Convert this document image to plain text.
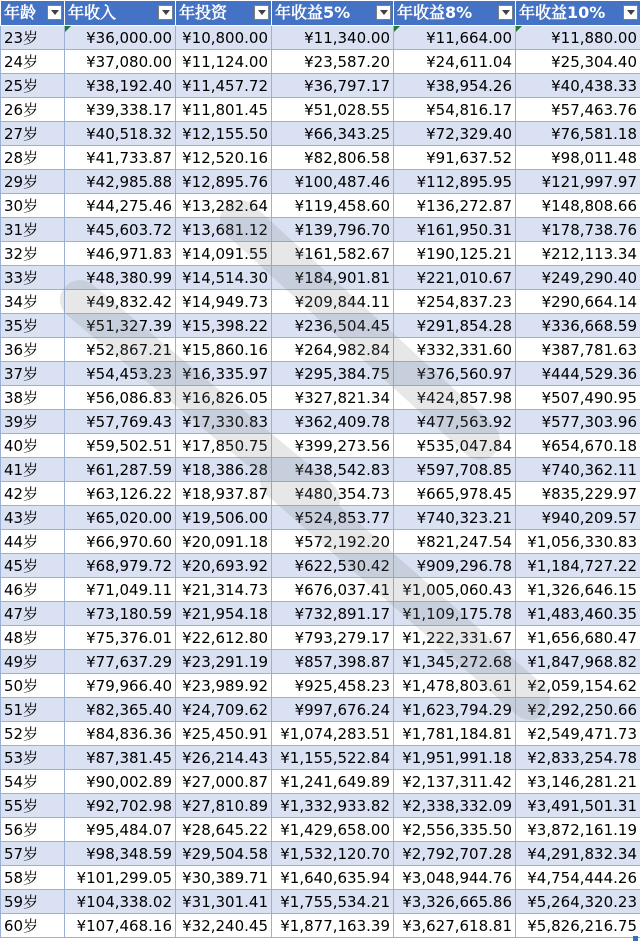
年龄	年收入	年投资	年收益5%	年收益8%	年收益10%

23岁	¥36,000.00	¥10,800.00	¥11,340.00	¥11,664.00	¥11,880.00
24岁	¥37,080.00	¥11,124.00	¥23,587.20	¥24,611.04	¥25,304.40
25岁	¥38,192.40	¥11,457.72	¥36,797.17	¥38,954.26	¥40,438.33
26岁	¥39,338.17	¥11,801.45	¥51,028.55	¥54,816.17	¥57,463.76
27岁	¥40,518.32	¥12,155.50	¥66,343.25	¥72,329.40	¥76,581.18
28岁	¥41,733.87	¥12,520.16	¥82,806.58	¥91,637.52	¥98,011.48
29岁	¥42,985.88	¥12,895.76	¥100,487.46	¥112,895.95	¥121,997.97
30岁	¥44,275.46	¥13,282.64	¥119,458.60	¥136,272.87	¥148,808.66
31岁	¥45,603.72	¥13,681.12	¥139,796.70	¥161,950.31	¥178,738.76
32岁	¥46,971.83	¥14,091.55	¥161,582.67	¥190,125.21	¥212,113.34
33岁	¥48,380.99	¥14,514.30	¥184,901.81	¥221,010.67	¥249,290.40
34岁	¥49,832.42	¥14,949.73	¥209,844.11	¥254,837.23	¥290,664.14
35岁	¥51,327.39	¥15,398.22	¥236,504.45	¥291,854.28	¥336,668.59
36岁	¥52,867.21	¥15,860.16	¥264,982.84	¥332,331.60	¥387,781.63
37岁	¥54,453.23	¥16,335.97	¥295,384.75	¥376,560.97	¥444,529.36
38岁	¥56,086.83	¥16,826.05	¥327,821.34	¥424,857.98	¥507,490.95
39岁	¥57,769.43	¥17,330.83	¥362,409.78	¥477,563.92	¥577,303.96
40岁	¥59,502.51	¥17,850.75	¥399,273.56	¥535,047.84	¥654,670.18
41岁	¥61,287.59	¥18,386.28	¥438,542.83	¥597,708.85	¥740,362.11
42岁	¥63,126.22	¥18,937.87	¥480,354.73	¥665,978.45	¥835,229.97
43岁	¥65,020.00	¥19,506.00	¥524,853.77	¥740,323.21	¥940,209.57
44岁	¥66,970.60	¥20,091.18	¥572,192.20	¥821,247.54	¥1,056,330.83
45岁	¥68,979.72	¥20,693.92	¥622,530.42	¥909,296.78	¥1,184,727.22
46岁	¥71,049.11	¥21,314.73	¥676,037.41	¥1,005,060.43	¥1,326,646.15
47岁	¥73,180.59	¥21,954.18	¥732,891.17	¥1,109,175.78	¥1,483,460.35
48岁	¥75,376.01	¥22,612.80	¥793,279.17	¥1,222,331.67	¥1,656,680.47
49岁	¥77,637.29	¥23,291.19	¥857,398.87	¥1,345,272.68	¥1,847,968.82
50岁	¥79,966.40	¥23,989.92	¥925,458.23	¥1,478,803.61	¥2,059,154.62
51岁	¥82,365.40	¥24,709.62	¥997,676.24	¥1,623,794.29	¥2,292,250.66
52岁	¥84,836.36	¥25,450.91	¥1,074,283.51	¥1,781,184.81	¥2,549,471.73
53岁	¥87,381.45	¥26,214.43	¥1,155,522.84	¥1,951,991.18	¥2,833,254.78
54岁	¥90,002.89	¥27,000.87	¥1,241,649.89	¥2,137,311.42	¥3,146,281.21
55岁	¥92,702.98	¥27,810.89	¥1,332,933.82	¥2,338,332.09	¥3,491,501.31
56岁	¥95,484.07	¥28,645.22	¥1,429,658.00	¥2,556,335.50	¥3,872,161.19
57岁	¥98,348.59	¥29,504.58	¥1,532,120.70	¥2,792,707.28	¥4,291,832.34
58岁	¥101,299.05	¥30,389.71	¥1,640,635.94	¥3,048,944.76	¥4,754,444.26
59岁	¥104,338.02	¥31,301.41	¥1,755,534.21	¥3,326,665.86	¥5,264,320.23
60岁	¥107,468.16	¥32,240.45	¥1,877,163.39	¥3,627,618.81	¥5,826,216.75
